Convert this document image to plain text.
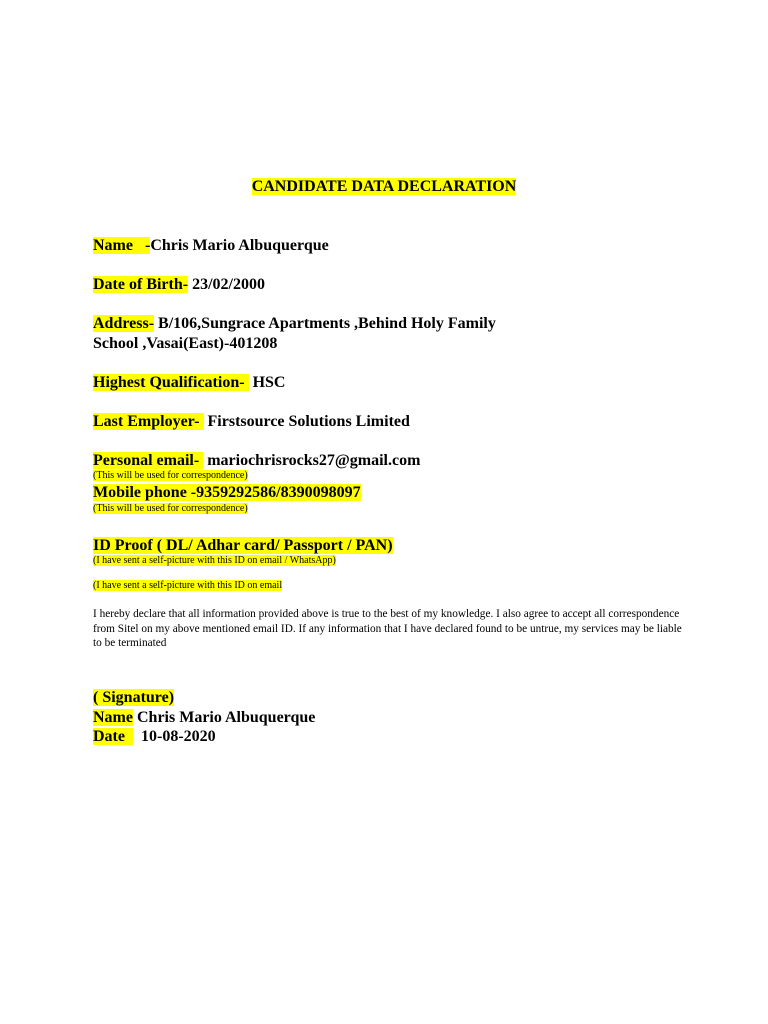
CANDIDATE DATA DECLARATION
Name   -Chris Mario Albuquerque
Date of Birth- 23/02/2000
Address- B/106,Sungrace Apartments ,Behind Holy Family
School ,Vasai(East)-401208
Highest Qualification-  HSC
Last Employer-  Firstsource Solutions Limited
Personal email-  mariochrisrocks27@gmail.com
(This will be used for correspondence)
Mobile phone -9359292586/8390098097
(This will be used for correspondence)
ID Proof ( DL/ Adhar card/ Passport / PAN)
(I have sent a self-picture with this ID on email / WhatsApp)
(I have sent a self-picture with this ID on email
I hereby declare that all information provided above is true to the best of my knowledge. I also agree to accept all correspondence from Sitel on my above mentioned email ID. If any information that I have declared found to be untrue, my services may be liable to be terminated
( Signature)
Name Chris Mario Albuquerque
Date    10-08-2020
